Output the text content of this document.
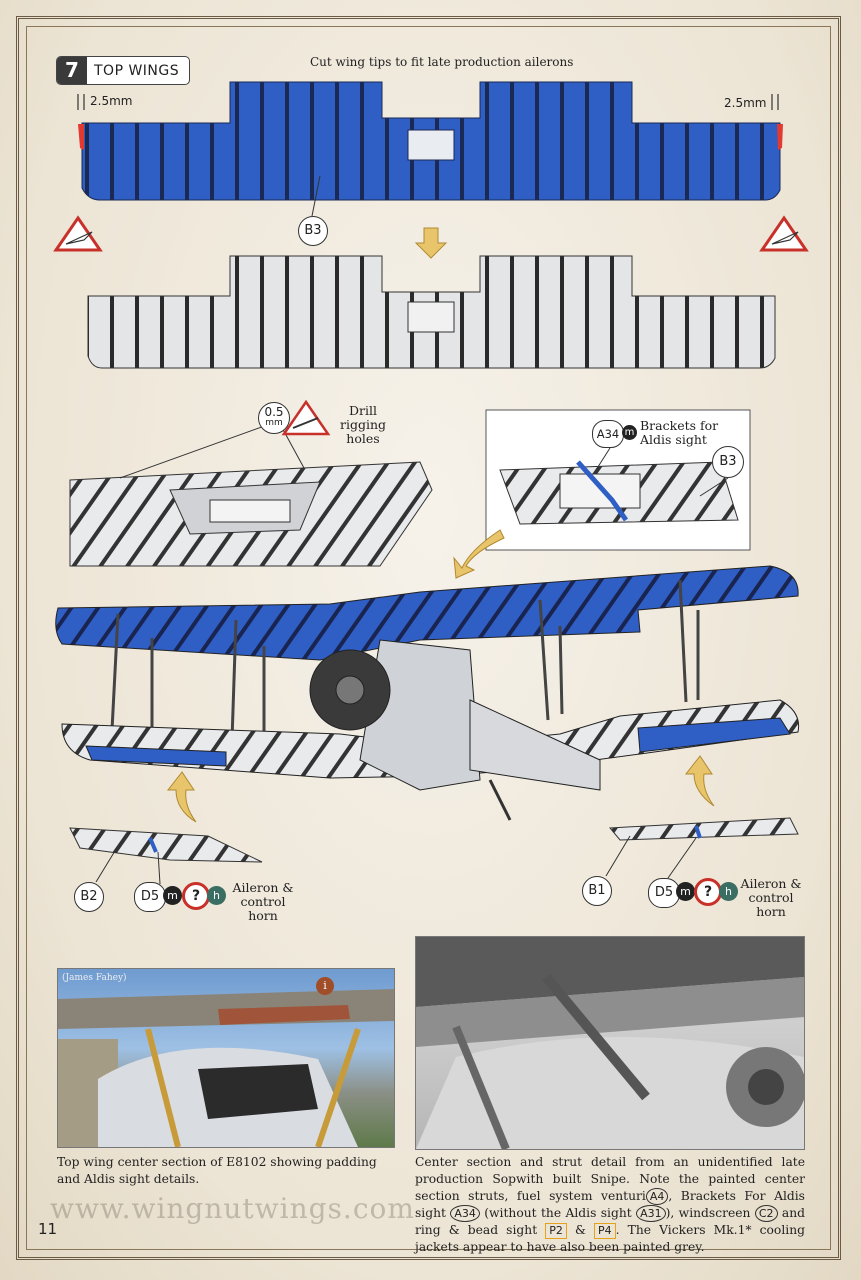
7	TOP WINGS
Cut wing tips to fit late production ailerons
2.5mm	2.5mm
B3
0.5
mm
Drill rigging holes	A34 m Brackets for Aldis sight
B3
B2	D5 m	?	h
Aileron & control horn
B1	D5 m ?	h
Aileron & control horn
(James Fahey)
i
Top wing center section of E8102 showing padding and Aldis sight details.
Center section and strut detail from an unidentified late production Sopwith built Snipe. Note the painted center section struts, fuel system venturi A4 , Brackets For Aldis sight A34 (without the Aldis sight A31 ), windscreen C2 and ring & bead sight P2 & P4 . The Vickers Mk.1* cooling jackets appear to have also been painted grey.
www.wingnutwings.com
11
